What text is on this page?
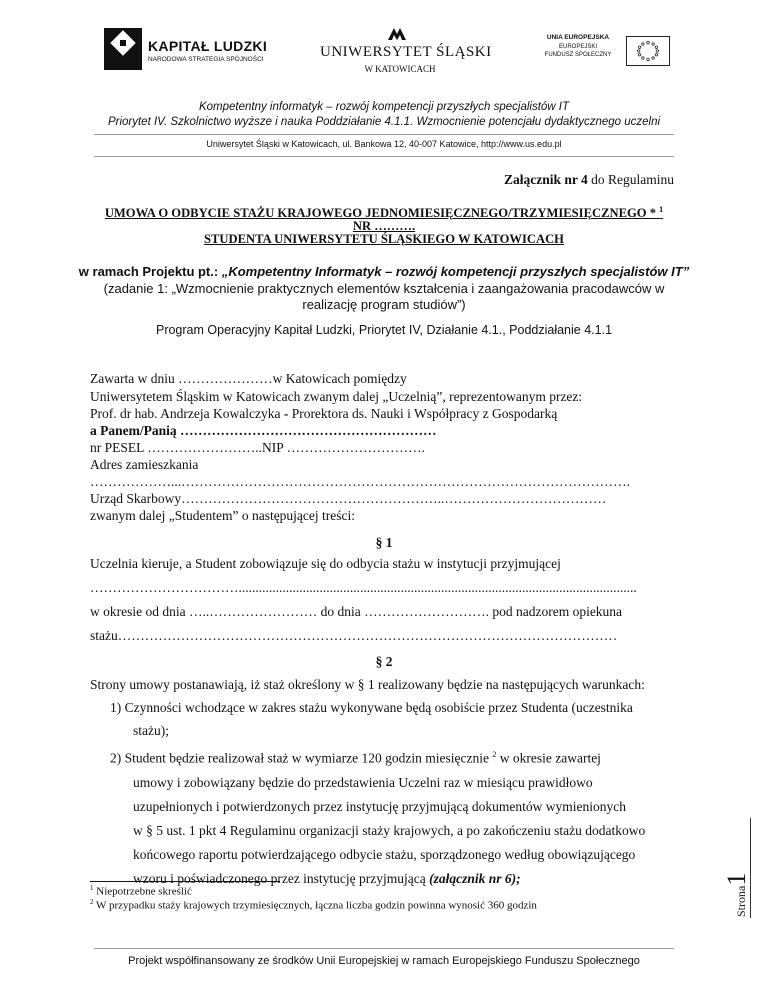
KAPITAŁ LUDZKI
NARODOWA STRATEGIA SPÓJNOŚCI	UNIWERSYTET ŚLĄSKI
W KATOWICACH
UNIA EUROPEJSKA
EUROPEJSKI
FUNDUSZ SPOŁECZNY
Kompetentny informatyk – rozwój kompetencji przyszłych specjalistów IT
Priorytet IV. Szkolnictwo wyższe i nauka Poddziałanie 4.1.1. Wzmocnienie potencjału dydaktycznego uczelni
Uniwersytet Śląski w Katowicach, ul. Bankowa 12, 40-007 Katowice, http://www.us.edu.pl
Załącznik nr 4 do Regulaminu
UMOWA O ODBYCIE STAŻU KRAJOWEGO JEDNOMIESIĘCZNEGO/TRZYMIESIĘCZNEGO * $^1$
NR ……….
STUDENTA UNIWERSYTETU ŚLĄSKIEGO W KATOWICACH
w ramach Projektu pt.: „Kompetentny Informatyk – rozwój kompetencji przyszłych specjalistów IT”
(zadanie 1: „Wzmocnienie praktycznych elementów kształcenia i zaangażowania pracodawców w
realizację program studiów”)
Program Operacyjny Kapitał Ludzki, Priorytet IV, Działanie 4.1., Poddziałanie 4.1.1
Zawarta w dniu …………………w Katowicach pomiędzy
Uniwersytetem Śląskim w Katowicach zwanym dalej „Uczelnią”, reprezentowanym przez:
Prof. dr hab. Andrzeja Kowalczyka - Prorektora ds. Nauki i Współpracy z Gospodarką
a Panem/Panią …………………………………………………
nr PESEL ……………………..NIP ………………………….
Adres zamieszkania
………………...……………………………………………………………………………………….
Urząd Skarbowy…………………………………………………..………………………………
zwanym dalej „Studentem” o następującej treści:
§ 1
Uczelnia kieruje, a Student zobowiązuje się do odbycia stażu w instytucji przyjmującej
……………………………......................................................................................................................
w okresie od dnia …..…………………… do dnia ………………………. pod nadzorem opiekuna
stażu…………………………………………………………………………………………………
§ 2
Strony umowy postanawiają, iż staż określony w § 1 realizowany będzie na następujących warunkach:
1) Czynności wchodzące w zakres stażu wykonywane będą osobiście przez Studenta (uczestnika
stażu);
2) Student będzie realizował staż w wymiarze 120 godzin miesięcznie $^2$ w okresie zawartej
umowy i zobowiązany będzie do przedstawienia Uczelni raz w miesiącu prawidłowo
uzupełnionych i potwierdzonych przez instytucję przyjmującą dokumentów wymienionych
w § 5 ust. 1 pkt 4 Regulaminu organizacji staży krajowych, a po zakończeniu stażu dodatkowo
końcowego raportu potwierdzającego odbycie stażu, sporządzonego według obowiązującego
wzoru i poświadczonego przez instytucję przyjmującą (załącznik nr 6);
$^1$ Niepotrzebne skreślić
$^2$ W przypadku staży krajowych trzymiesięcznych, łączna liczba godzin powinna wynosić 360 godzin	Strona1
Projekt współfinansowany ze środków Unii Europejskiej w ramach Europejskiego Funduszu Społecznego
